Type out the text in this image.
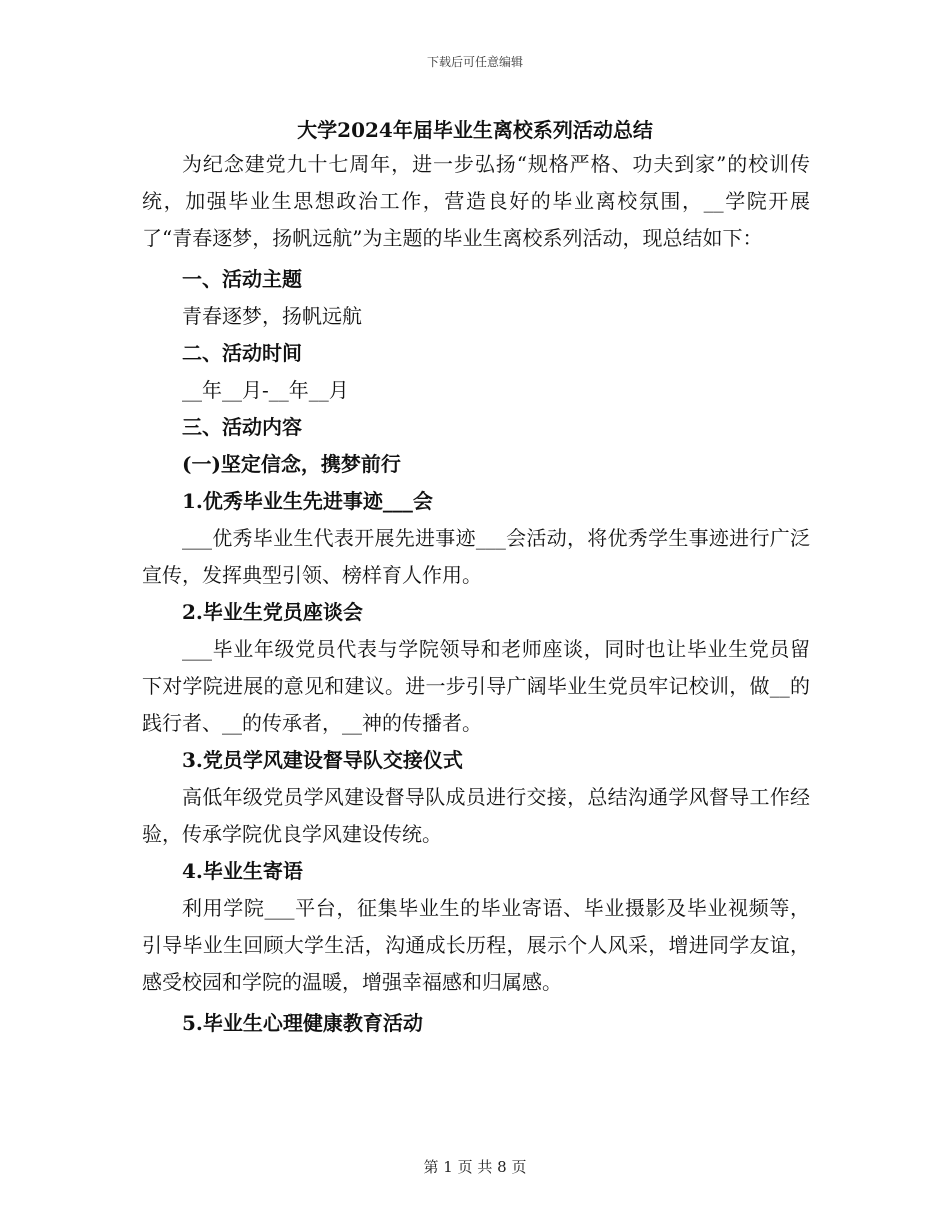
下载后可任意编辑
大学2024年届毕业生离校系列活动总结

为纪念建党九十七周年，进一步弘扬“规格严格、功夫到家”的校训传统，加强毕业生思想政治工作，营造良好的毕业离校氛围，__学院开展了“青春逐梦，扬帆远航”为主题的毕业生离校系列活动，现总结如下：

一、活动主题

青春逐梦，扬帆远航

二、活动时间

__年__月-__年__月

三、活动内容

(一)坚定信念，携梦前行

1.优秀毕业生先进事迹___会

___优秀毕业生代表开展先进事迹___会活动，将优秀学生事迹进行广泛宣传，发挥典型引领、榜样育人作用。

2.毕业生党员座谈会

___毕业年级党员代表与学院领导和老师座谈，同时也让毕业生党员留下对学院进展的意见和建议。进一步引导广阔毕业生党员牢记校训，做__的践行者、__的传承者，__神的传播者。

3.党员学风建设督导队交接仪式

高低年级党员学风建设督导队成员进行交接，总结沟通学风督导工作经验，传承学院优良学风建设传统。

4.毕业生寄语

利用学院___平台，征集毕业生的毕业寄语、毕业摄影及毕业视频等，引导毕业生回顾大学生活，沟通成长历程，展示个人风采，增进同学友谊，感受校园和学院的温暖，增强幸福感和归属感。

5.毕业生心理健康教育活动

第 1 页 共 8 页
